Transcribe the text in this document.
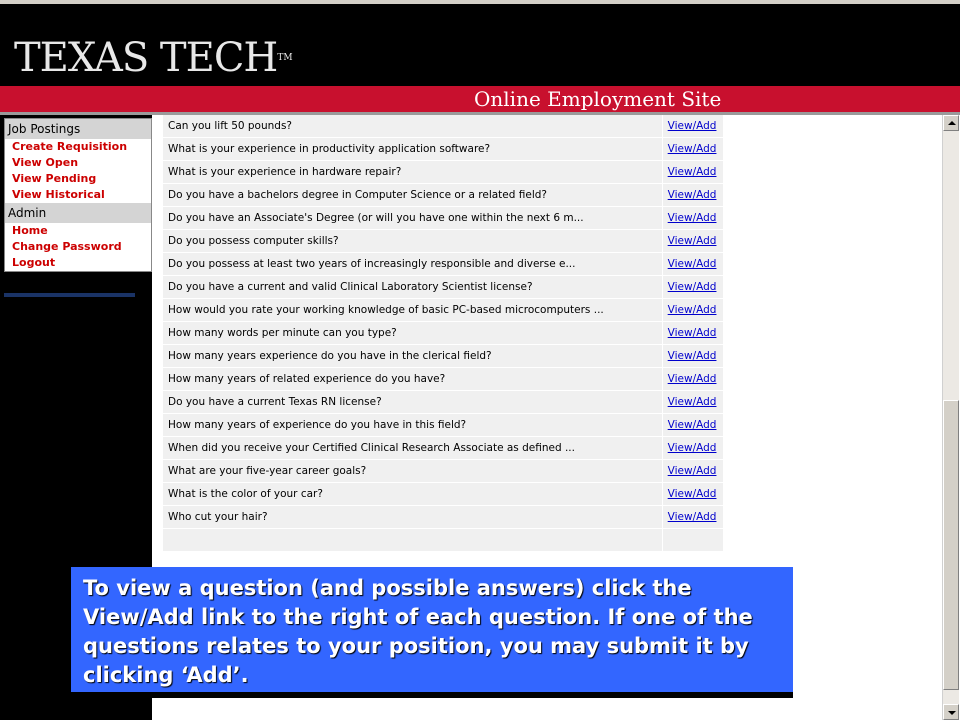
TEXAS TECHTM
Online Employment Site
Job Postings
Create Requisition
View Open
View Pending
View Historical
Admin
Home
Change Password
Logout
Can you lift 50 pounds?	View/Add
What is your experience in productivity application software?	View/Add
What is your experience in hardware repair?	View/Add
Do you have a bachelors degree in Computer Science or a related field?	View/Add
Do you have an Associate's Degree (or will you have one within the next 6 m...	View/Add
Do you possess computer skills?	View/Add
Do you possess at least two years of increasingly responsible and diverse e...	View/Add
Do you have a current and valid Clinical Laboratory Scientist license?	View/Add
How would you rate your working knowledge of basic PC-based microcomputers ...	View/Add
How many words per minute can you type?	View/Add
How many years experience do you have in the clerical field?	View/Add
How many years of related experience do you have?	View/Add
Do you have a current Texas RN license?	View/Add
How many years of experience do you have in this field?	View/Add
When did you receive your Certified Clinical Research Associate as defined ...	View/Add
What are your five-year career goals?	View/Add
What is the color of your car?	View/Add
Who cut your hair?	View/Add

To view a question (and possible answers) click the View/Add link to the right of each question. If one of the questions relates to your position, you may submit it by clicking ‘Add’.
